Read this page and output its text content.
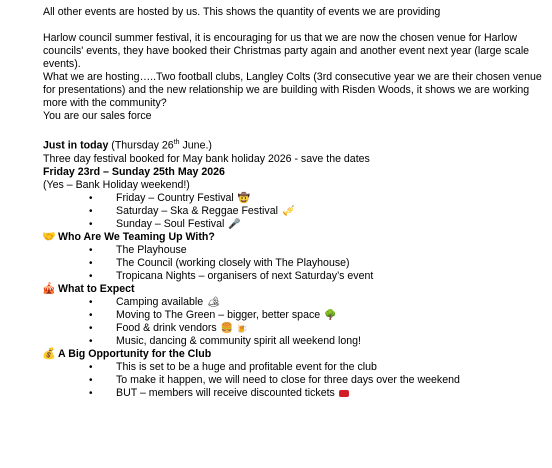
All other events are hosted by us. This shows the quantity of events we are providing

Harlow council summer festival, it is encouraging for us that we are now the chosen venue for Harlow councils' events, they have booked their Christmas party again and another event next year (large scale events).

What we are hosting…..Two football clubs, Langley Colts (3rd consecutive year we are their chosen venue for presentations) and the new relationship we are building with Risden Woods, it shows we are working more with the community?

You are our sales force

Just in today (Thursday 26th June.)

Three day festival booked for May bank holiday 2026 - save the dates

Friday 23rd – Sunday 25th May 2026

(Yes – Bank Holiday weekend!)

• Friday – Country Festival 🤠
• Saturday – Ska & Reggae Festival 🎺
• Sunday – Soul Festival 🎤
🤝 Who Are We Teaming Up With?
• The Playhouse
• The Council (working closely with The Playhouse)
• Tropicana Nights – organisers of next Saturday’s event
🎪 What to Expect
• Camping available 🏕
• Moving to The Green – bigger, better space 🌳
• Food & drink vendors 🍔 🍺
• Music, dancing & community spirit all weekend long!
💰 A Big Opportunity for the Club
• This is set to be a huge and profitable event for the club
• To make it happen, we will need to close for three days over the weekend
• BUT – members will receive discounted tickets
